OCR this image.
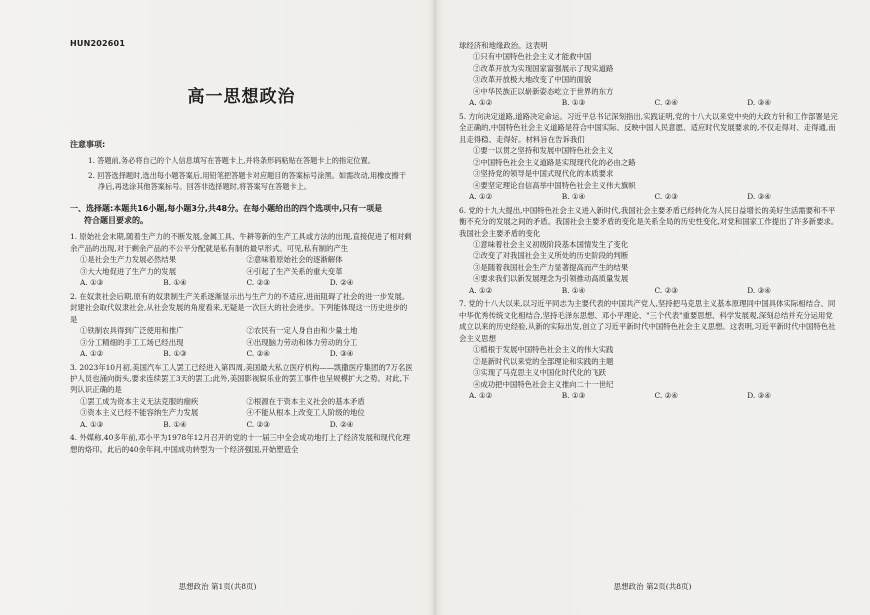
HUN202601
高一思想政治
注意事项:
1. 答题前,务必将自己的个人信息填写在答题卡上,并将条形码粘贴在答题卡上的指定位置。
2. 回答选择题时,选出每小题答案后,用铅笔把答题卡对应题目的答案标号涂黑。如需改动,用橡皮擦干净后,再选涂其他答案标号。回答非选择题时,将答案写在答题卡上。
一、选择题:本题共16小题,每小题3分,共48分。在每小题给出的四个选项中,只有一项是
符合题目要求的。
1. 原始社会末期,随着生产力的不断发展,金属工具、牛耕等新的生产工具或方法的出现,直接促进了相对剩余产品的出现,对于剩余产品的不公平分配就是私有制的最早形式。可见,私有制的产生
①是社会生产力发展必然结果	②意味着原始社会的逐渐解体
③大大地促进了生产力的发展	④引起了生产关系的重大变革
A. ①③	B. ①④	C. ②③	D. ②④
2. 在奴隶社会后期,原有的奴隶制生产关系逐渐显示出与生产力的不适应,进而阻碍了社会的进一步发展。封建社会取代奴隶社会,从社会发展的角度看来,无疑是一次巨大的社会进步。下列能体现这一历史进步的是
①铁制农具得到广泛使用和推广	②农民有一定人身自由和少量土地
③分工精细的手工工场已经出现	④出现脑力劳动和体力劳动的分工
A. ①②	B. ①③	C. ②④	D. ③④
3. 2023年10月初,美国汽车工人罢工已经进入第四周,美国最大私立医疗机构——凯撒医疗集团的7万名医护人员也涌向街头,要求连续罢工3天的罢工;此外,美国影视娱乐业的罢工事件也呈规模扩大之势。对此,下列认识正确的是
①罢工成为资本主义无法克服的痼疾	②根源在于资本主义社会的基本矛盾
③资本主义已经不能容纳生产力发展	④不能从根本上改变工人阶级的地位
A. ①③	B. ①④	C. ②③	D. ②④
4. 外媒称,40多年前,邓小平为1978年12月召开的党的十一届三中全会成功地打上了经济发展和现代化理想的烙印。此后的40余年间,中国成功转型为一个经济强国,开始塑造全
思想政治 第1页(共8页)
球经济和地缘政治。这表明
①只有中国特色社会主义才能救中国
②改革开放为实现国家富强展示了现实道路
③改革开放极大地改变了中国的面貌
④中华民族正以崭新姿态屹立于世界的东方
A. ①②	B. ①③	C. ②④	D. ③④
5. 方向决定道路,道路决定命运。习近平总书记深刻指出,实践证明,党的十八大以来党中央的大政方针和工作部署是完全正确的,中国特色社会主义道路是符合中国实际、反映中国人民意愿、适应时代发展要求的,不仅走得对、走得通,而且走得稳、走得好。材料旨在告诉我们
①要一以贯之坚持和发展中国特色社会主义
②中国特色社会主义道路是实现现代化的必由之路
③坚持党的领导是中国式现代化的本质要求
④要坚定理论自信高举中国特色社会主义伟大旗帜
A. ①②	B. ①④	C. ②③	D. ③④
6. 党的十九大提出,中国特色社会主义进入新时代,我国社会主要矛盾已经转化为人民日益增长的美好生活需要和不平衡不充分的发展之间的矛盾。我国社会主要矛盾的变化是关系全局的历史性变化,对党和国家工作提出了许多新要求。我国社会主要矛盾的变化
①意味着社会主义初级阶段基本国情发生了变化
②改变了对我国社会主义所处的历史阶段的判断
③是随着我国社会生产力显著提高而产生的结果
④要求我们以新发展理念为引领推动高质量发展
A. ①②	B. ①④	C. ②③	D. ③④
7. 党的十八大以来,以习近平同志为主要代表的中国共产党人,坚持把马克思主义基本原理同中国具体实际相结合、同中华优秀传统文化相结合,坚持毛泽东思想、邓小平理论、"三个代表"重要思想、科学发展观,深刻总结并充分运用党成立以来的历史经验,从新的实际出发,创立了习近平新时代中国特色社会主义思想。这表明,习近平新时代中国特色社会主义思想
①植根于发展中国特色社会主义的伟大实践
②是新时代以来党的全部理论和实践的主题
③实现了马克思主义中国化时代化的飞跃
④成功把中国特色社会主义推向二十一世纪
A. ①②	B. ①③	C. ②④	D. ③④
思想政治 第2页(共8页)
